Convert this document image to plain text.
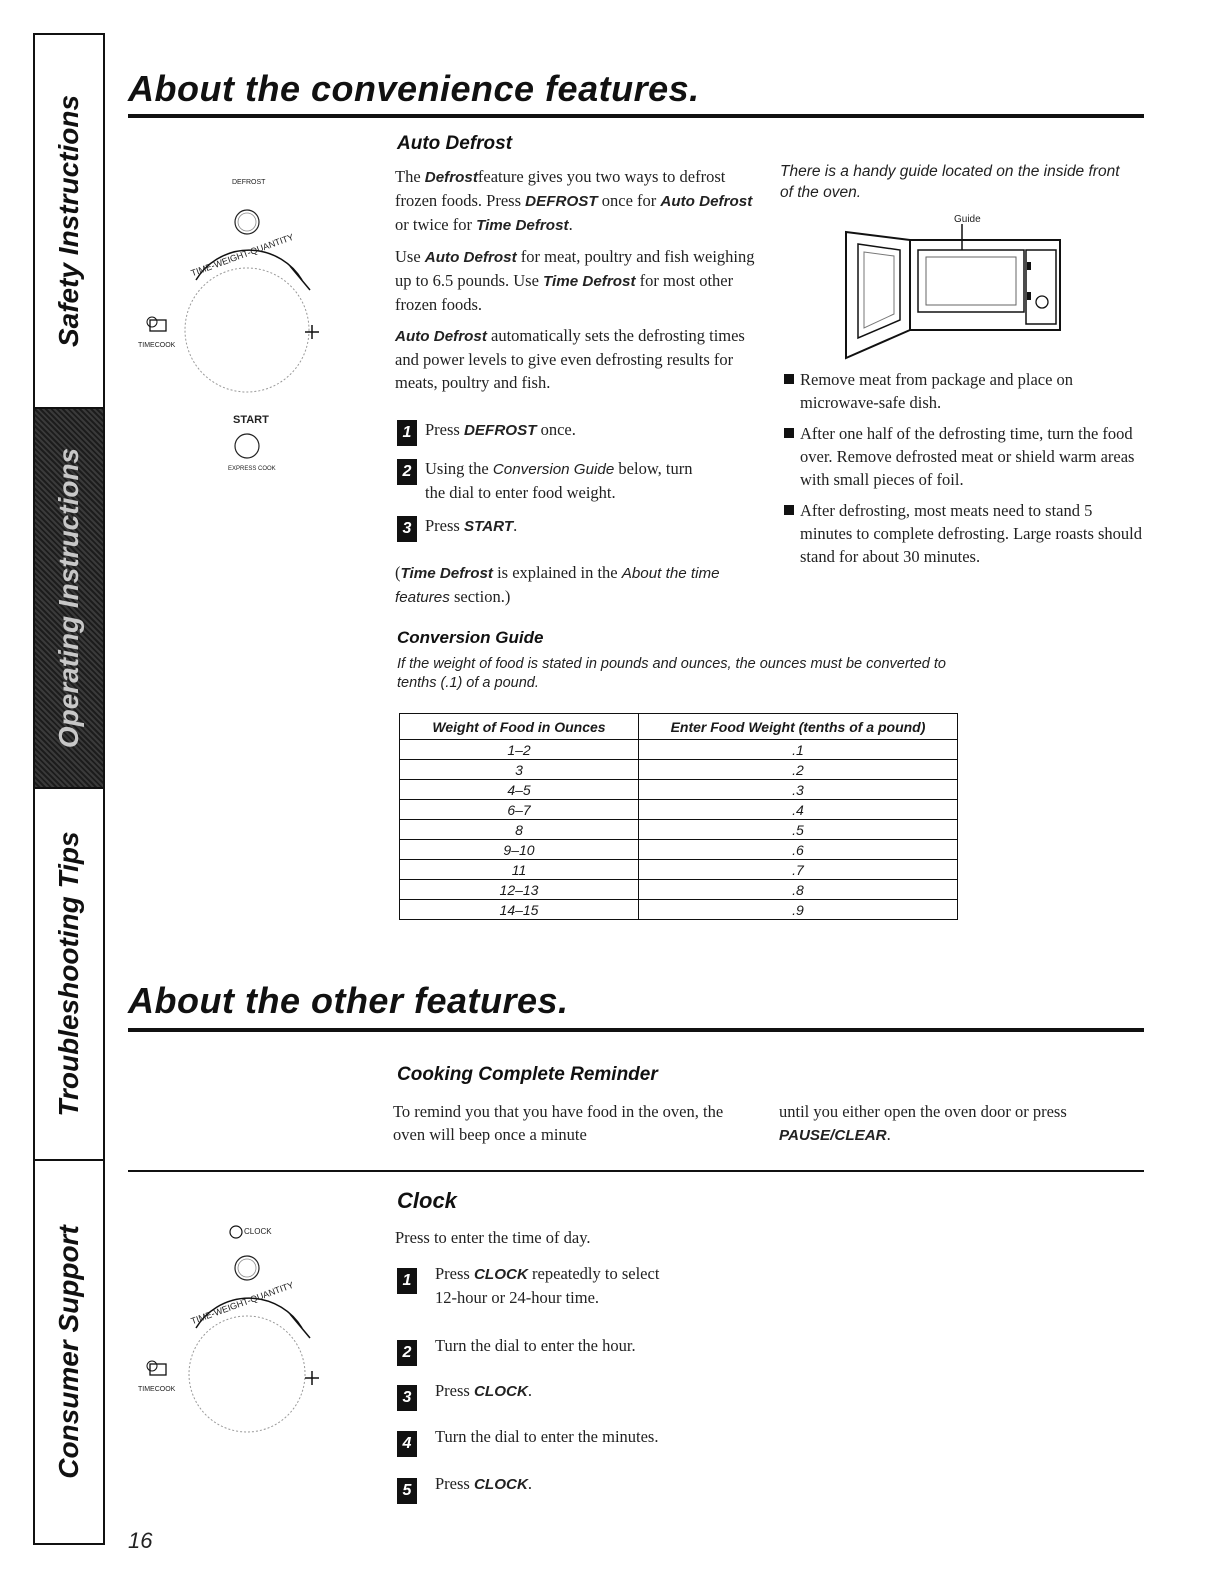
Safety Instructions
Operating Instructions
Troubleshooting Tips
Consumer Support
About the convenience features.
DEFROST
TIME-WEIGHT-QUANTITY
TIMECOOK
START
EXPRESS COOK
Auto Defrost

The Defrostfeature gives you two ways to defrost frozen foods. Press DEFROST once for Auto Defrost or twice for Time Defrost.

Use Auto Defrost for meat, poultry and fish weighing up to 6.5 pounds. Use Time Defrost for most other frozen foods.

Auto Defrost automatically sets the defrosting times and power levels to give even defrosting results for meats, poultry and fish.

1 Press DEFROST once.
2 Using the Conversion Guide below, turn
the dial to enter food weight.
3 Press START.
(Time Defrost is explained in the About the time features section.)
There is a handy guide located on the inside front of the oven.
Guide
Remove meat from package and place on microwave-safe dish.
After one half of the defrosting time, turn the food over. Remove defrosted meat or shield warm areas with small pieces of foil.
After defrosting, most meats need to stand 5 minutes to complete defrosting. Large roasts should stand for about 30 minutes.
Conversion Guide
If the weight of food is stated in pounds and ounces, the ounces must be converted to tenths (.1) of a pound.
Weight of Food in Ounces	Enter Food Weight (tenths of a pound)
1–2	.1
3	.2
4–5	.3
6–7	.4
8	.5
9–10	.6
11	.7
12–13	.8
14–15	.9
About the other features.
Cooking Complete Reminder
To remind you that you have food in the oven, the oven will beep once a minute
until you either open the oven door or press PAUSE/CLEAR.
CLOCK
TIME-WEIGHT-QUANTITY
TIMECOOK
Clock
Press to enter the time of day.
1	Press CLOCK repeatedly to select
12-hour or 24-hour time.
2	Turn the dial to enter the hour.
3	Press CLOCK.
4	Turn the dial to enter the minutes.
5	Press CLOCK.
16
